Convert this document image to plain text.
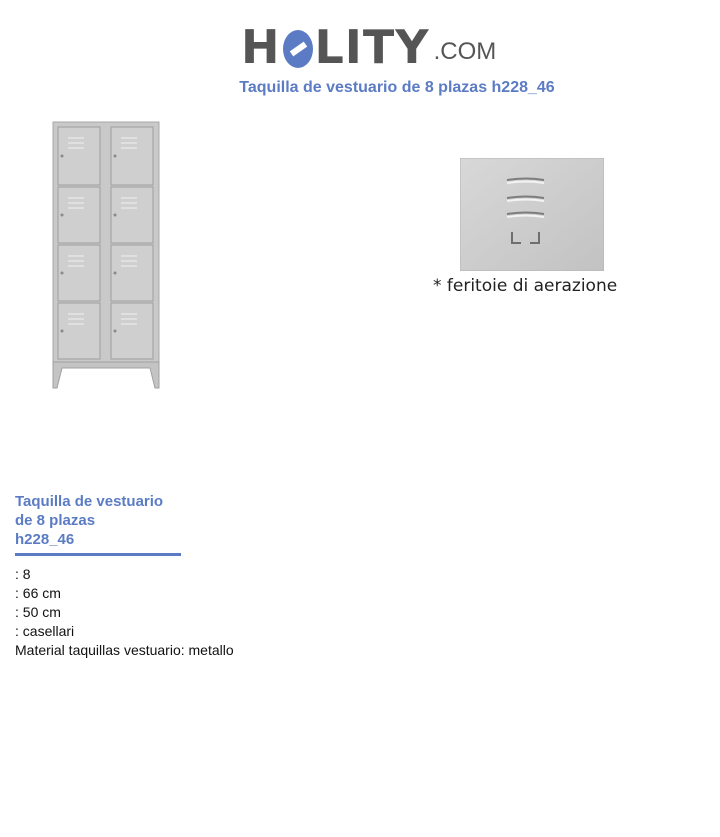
H LITY .COM
Taquilla de vestuario de 8 plazas h228_46
* feritoie di aerazione
Taquilla de vestuario
de 8 plazas
h228_46
: 8
: 66 cm
: 50 cm
: casellari
Material taquillas vestuario: metallo
